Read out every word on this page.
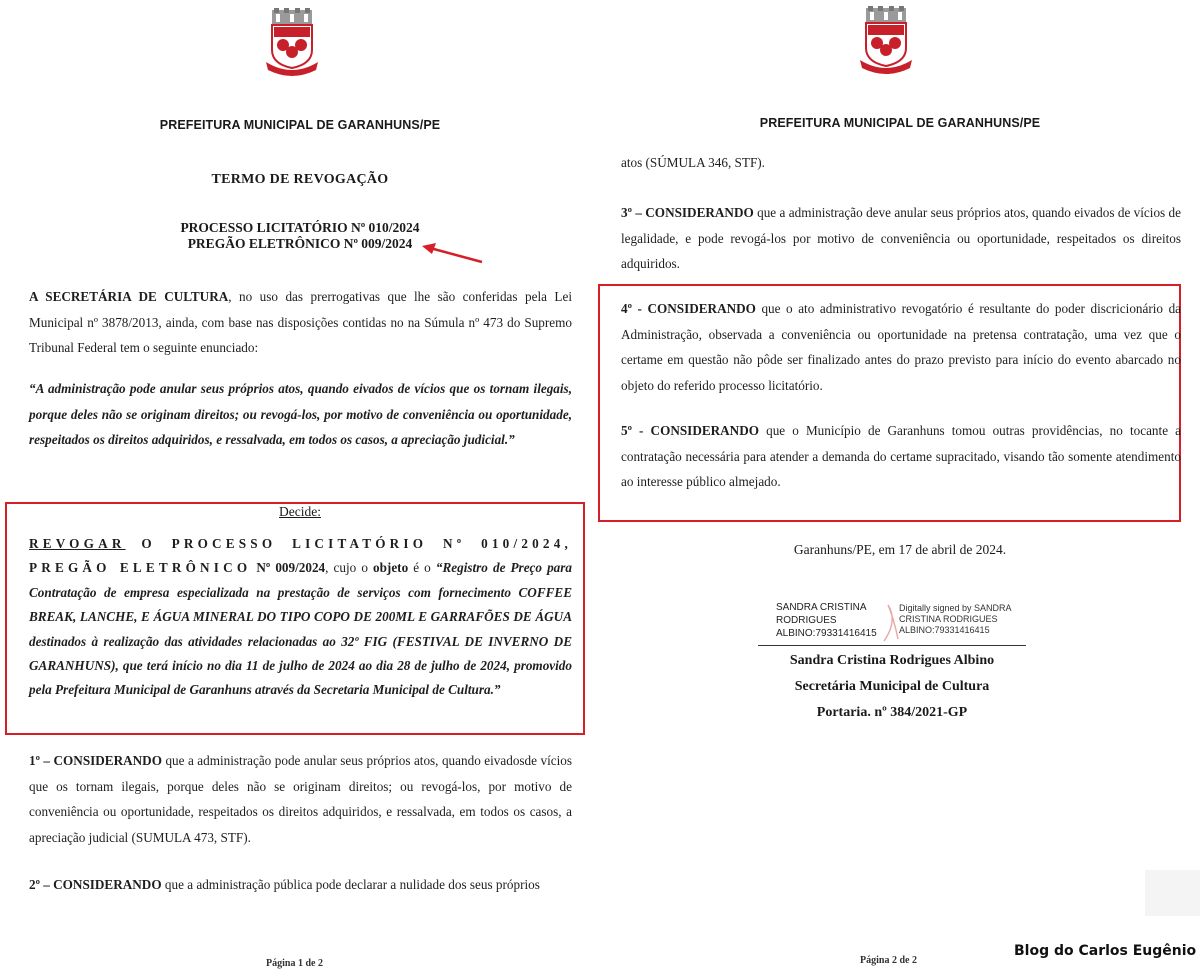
PREFEITURA MUNICIPAL DE GARANHUNS/PE
TERMO DE REVOGAÇÃO
PROCESSO LICITATÓRIO Nº 010/2024
PREGÃO ELETRÔNICO Nº 009/2024
A SECRETÁRIA DE CULTURA, no uso das prerrogativas que lhe são conferidas pela Lei Municipal nº 3878/2013, ainda, com base nas disposições contidas no na Súmula nº 473 do Supremo Tribunal Federal tem o seguinte enunciado:
“A administração pode anular seus próprios atos, quando eivados de vícios que os tornam ilegais, porque deles não se originam direitos; ou revogá-los, por motivo de conveniência ou oportunidade, respeitados os direitos adquiridos, e ressalvada, em todos os casos, a apreciação judicial.”
Decide:
REVOGAR O PROCESSO LICITATÓRIO Nº 010/2024, PREGÃO ELETRÔNICO Nº 009/2024, cujo o objeto é o “Registro de Preço para Contratação de empresa especializada na prestação de serviços com fornecimento COFFEE BREAK, LANCHE, E ÁGUA MINERAL DO TIPO COPO DE 200ML E GARRAFÕES DE ÁGUA destinados à realização das atividades relacionadas ao 32º FIG (FESTIVAL DE INVERNO DE GARANHUNS), que terá início no dia 11 de julho de 2024 ao dia 28 de julho de 2024, promovido pela Prefeitura Municipal de Garanhuns através da Secretaria Municipal de Cultura.”
1º – CONSIDERANDO que a administração pode anular seus próprios atos, quando eivadosde vícios que os tornam ilegais, porque deles não se originam direitos; ou revogá-los, por motivo de conveniência ou oportunidade, respeitados os direitos adquiridos, e ressalvada, em todos os casos, a apreciação judicial (SUMULA 473, STF).
2º – CONSIDERANDO que a administração pública pode declarar a nulidade dos seus próprios
Página 1 de 2
PREFEITURA MUNICIPAL DE GARANHUNS/PE
atos (SÚMULA 346, STF).
3º – CONSIDERANDO que a administração deve anular seus próprios atos, quando eivados de vícios de legalidade, e pode revogá-los por motivo de conveniência ou oportunidade, respeitados os direitos adquiridos.
4º - CONSIDERANDO que o ato administrativo revogatório é resultante do poder discricionário da Administração, observada a conveniência ou oportunidade na pretensa contratação, uma vez que o certame em questão não pôde ser finalizado antes do prazo previsto para início do evento abarcado no objeto do referido processo licitatório.
5º - CONSIDERANDO que o Município de Garanhuns tomou outras providências, no tocante a contratação necessária para atender a demanda do certame supracitado, visando tão somente atendimento ao interesse público almejado.
Garanhuns/PE, em 17 de abril de 2024.
SANDRA CRISTINA
RODRIGUES
ALBINO:79331416415
Digitally signed by SANDRA
CRISTINA RODRIGUES
ALBINO:79331416415
Sandra Cristina Rodrigues Albino
Secretária Municipal de Cultura
Portaria. nº 384/2021-GP
Página 2 de 2
Blog do Carlos Eugênio
